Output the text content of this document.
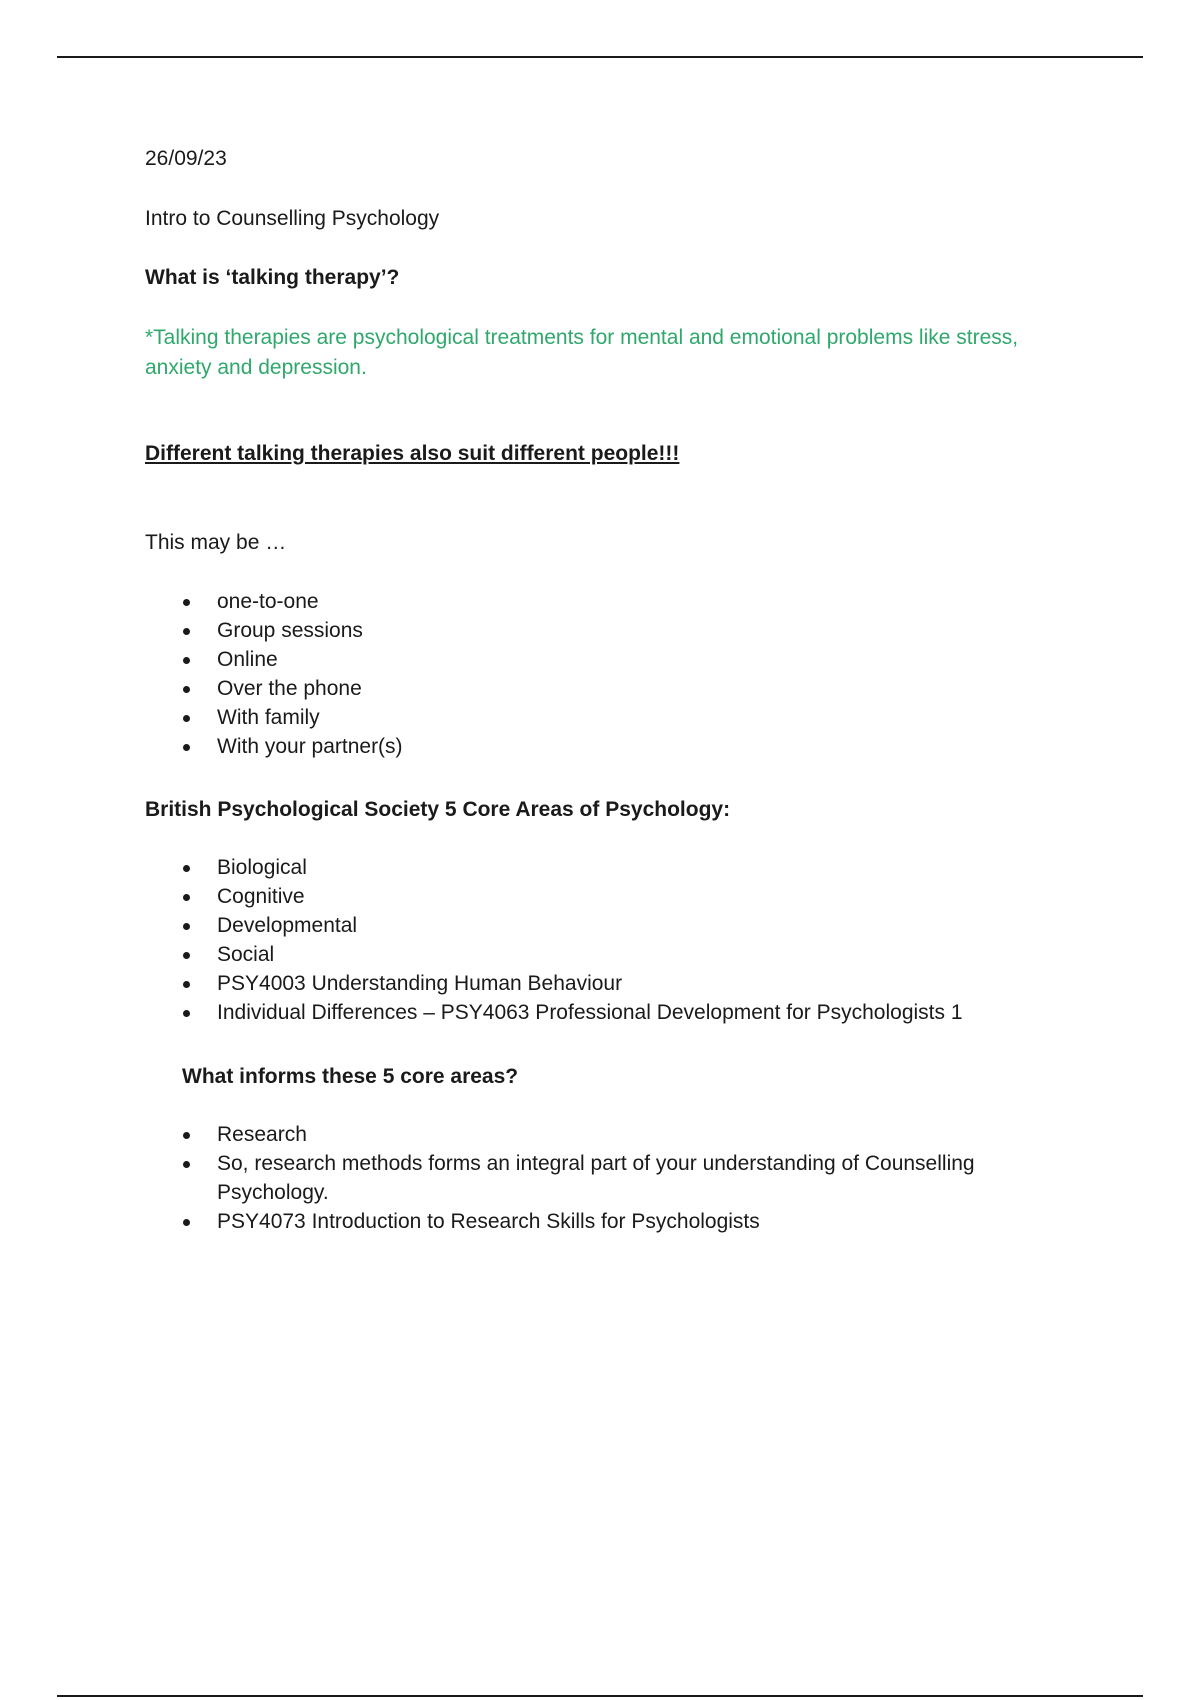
26/09/23
Intro to Counselling Psychology
What is ‘talking therapy’?
*Talking therapies are psychological treatments for mental and emotional problems like stress, anxiety and depression.
Different talking therapies also suit different people!!!
This may be …
one-to-one
Group sessions
Online
Over the phone
With family
With your partner(s)
British Psychological Society 5 Core Areas of Psychology:
Biological
Cognitive
Developmental
Social
PSY4003 Understanding Human Behaviour
Individual Differences – PSY4063 Professional Development for Psychologists 1
What informs these 5 core areas?
Research
So, research methods forms an integral part of your understanding of Counselling Psychology.
PSY4073 Introduction to Research Skills for Psychologists
